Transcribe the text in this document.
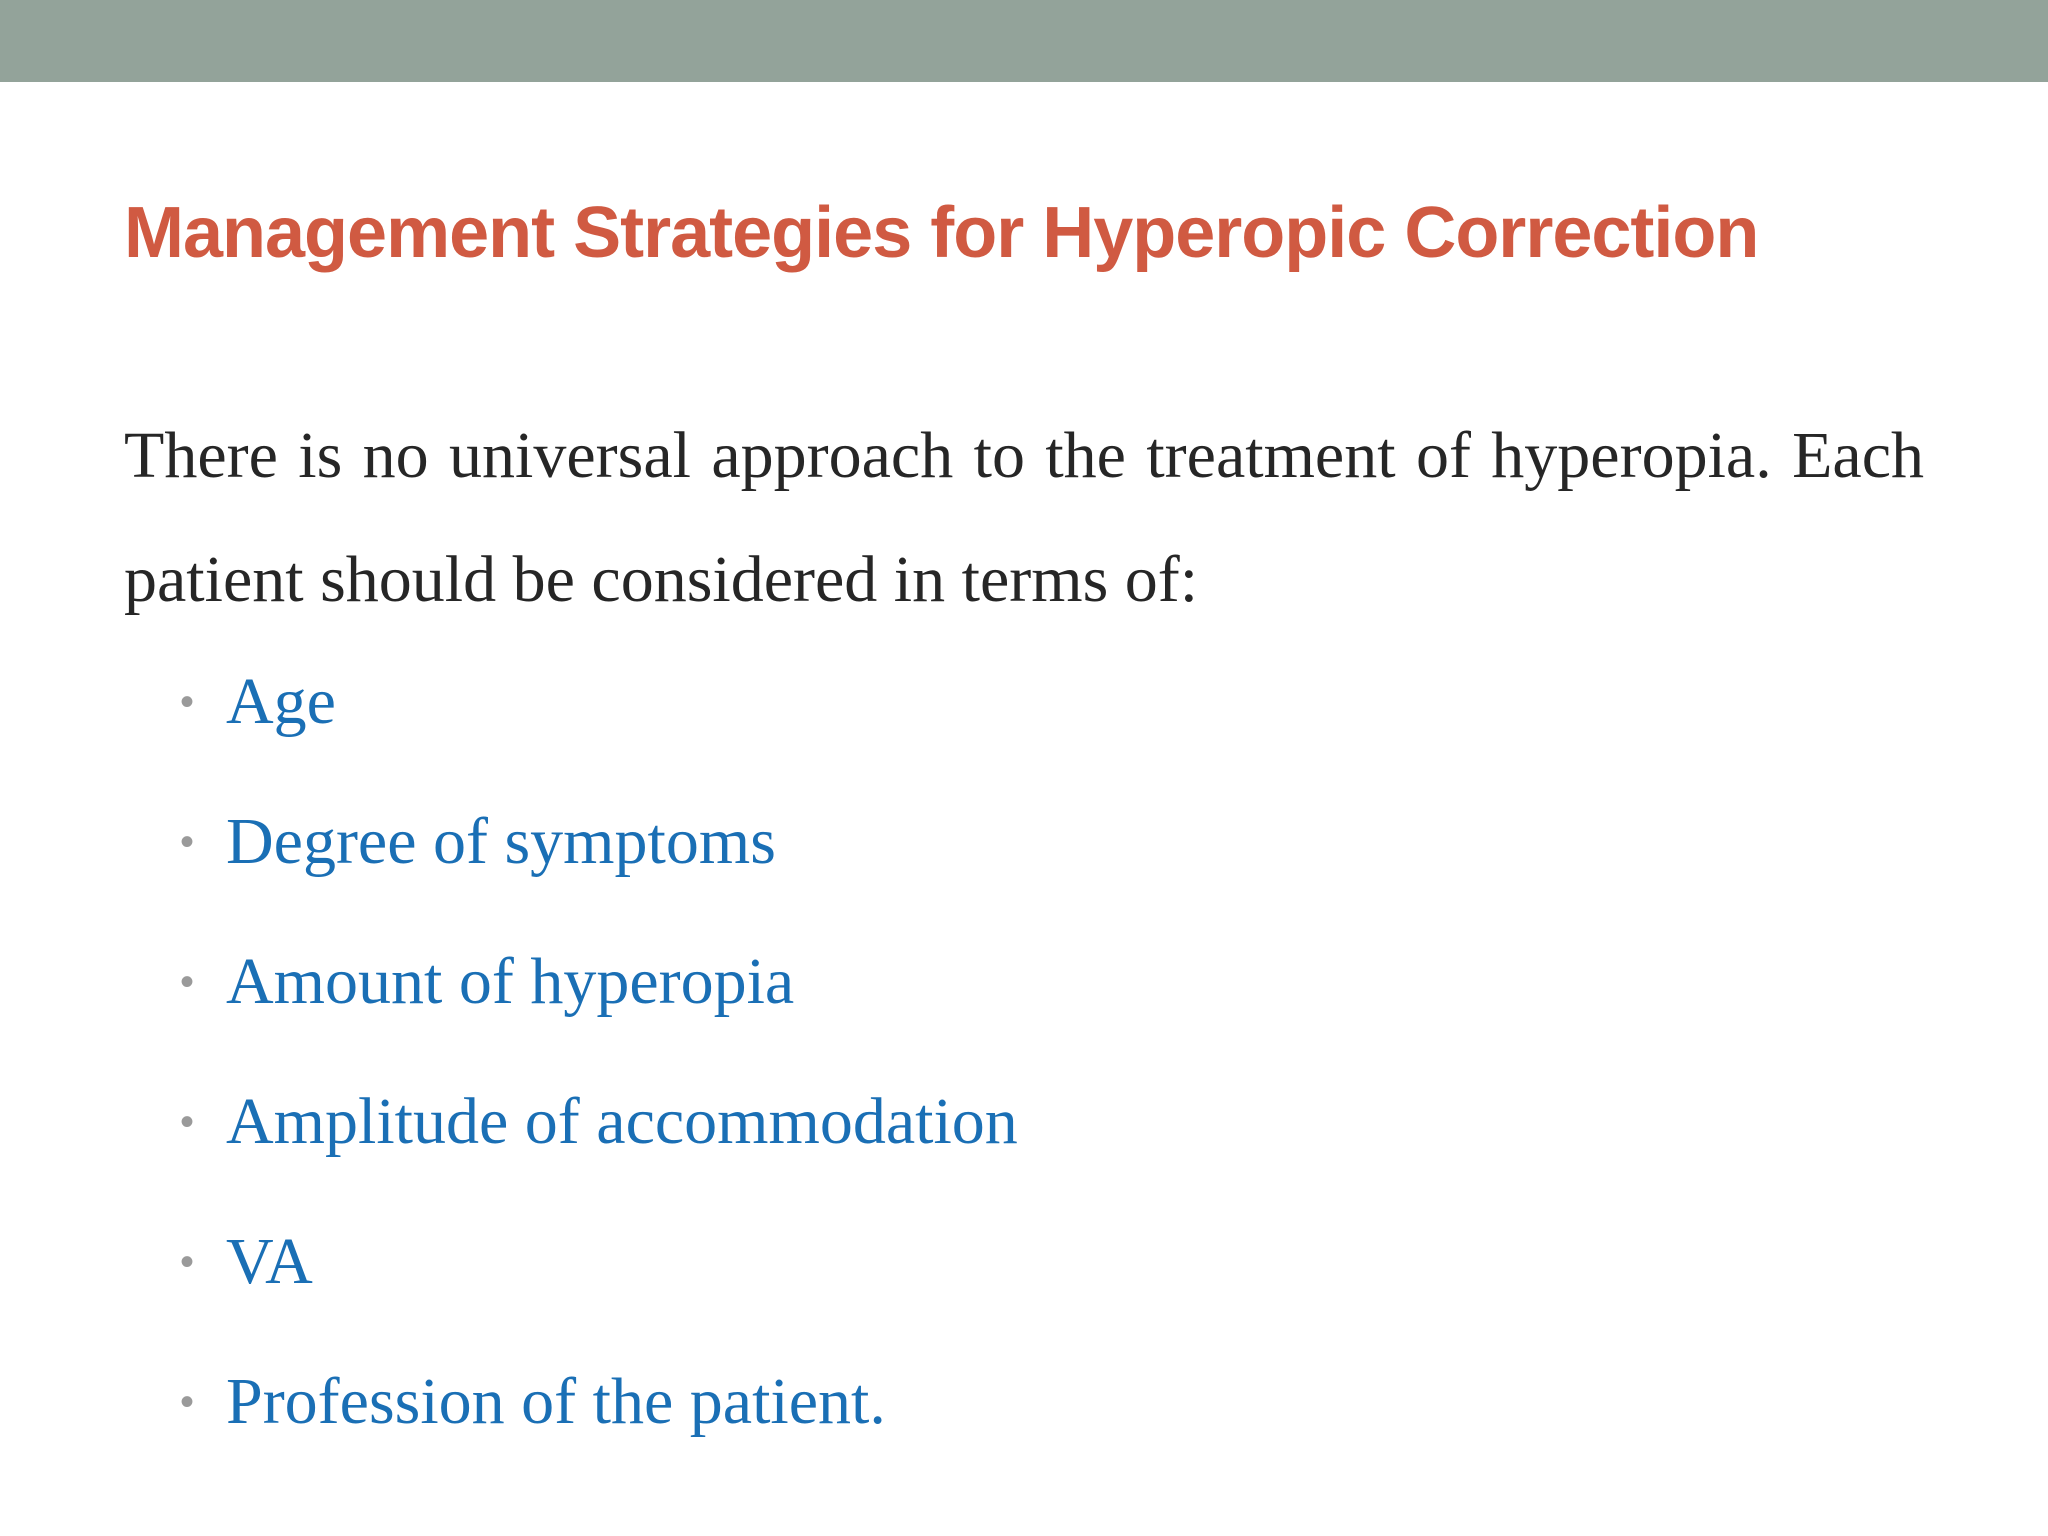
Management Strategies for Hyperopic Correction

There is no universal approach to the treatment of hyperopia. Each patient should be considered in terms of:

• Age
• Degree of symptoms
• Amount of hyperopia
• Amplitude of accommodation
• VA
• Profession of the patient.
